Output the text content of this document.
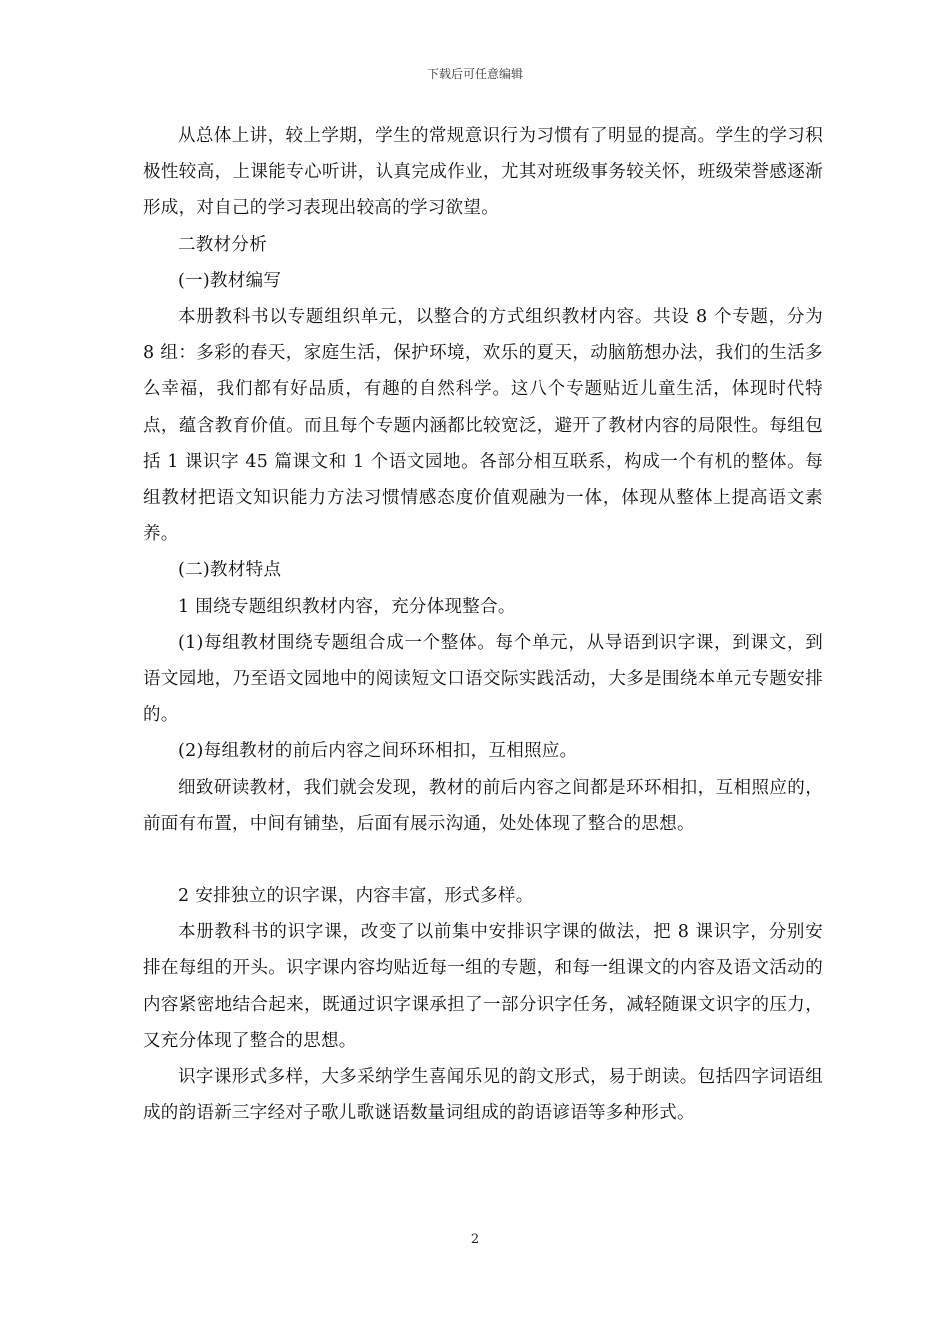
下载后可任意编辑

从总体上讲，较上学期，学生的常规意识行为习惯有了明显的提高。学生的学习积极性较高，上课能专心听讲，认真完成作业，尤其对班级事务较关怀，班级荣誉感逐渐形成，对自己的学习表现出较高的学习欲望。

二教材分析

(一)教材编写

本册教科书以专题组织单元，以整合的方式组织教材内容。共设 8 个专题，分为 8 组：多彩的春天，家庭生活，保护环境，欢乐的夏天，动脑筋想办法，我们的生活多么幸福，我们都有好品质，有趣的自然科学。这八个专题贴近儿童生活，体现时代特点，蕴含教育价值。而且每个专题内涵都比较宽泛，避开了教材内容的局限性。每组包括 1 课识字 45 篇课文和 1 个语文园地。各部分相互联系，构成一个有机的整体。每组教材把语文知识能力方法习惯情感态度价值观融为一体，体现从整体上提高语文素养。

(二)教材特点

1 围绕专题组织教材内容，充分体现整合。

(1)每组教材围绕专题组合成一个整体。每个单元，从导语到识字课，到课文，到语文园地，乃至语文园地中的阅读短文口语交际实践活动，大多是围绕本单元专题安排的。

(2)每组教材的前后内容之间环环相扣，互相照应。

细致研读教材，我们就会发现，教材的前后内容之间都是环环相扣，互相照应的，前面有布置，中间有铺垫，后面有展示沟通，处处体现了整合的思想。

2 安排独立的识字课，内容丰富，形式多样。

本册教科书的识字课，改变了以前集中安排识字课的做法，把 8 课识字，分别安排在每组的开头。识字课内容均贴近每一组的专题，和每一组课文的内容及语文活动的内容紧密地结合起来，既通过识字课承担了一部分识字任务，减轻随课文识字的压力，又充分体现了整合的思想。

识字课形式多样，大多采纳学生喜闻乐见的韵文形式，易于朗读。包括四字词语组成的韵语新三字经对子歌儿歌谜语数量词组成的韵语谚语等多种形式。

2
